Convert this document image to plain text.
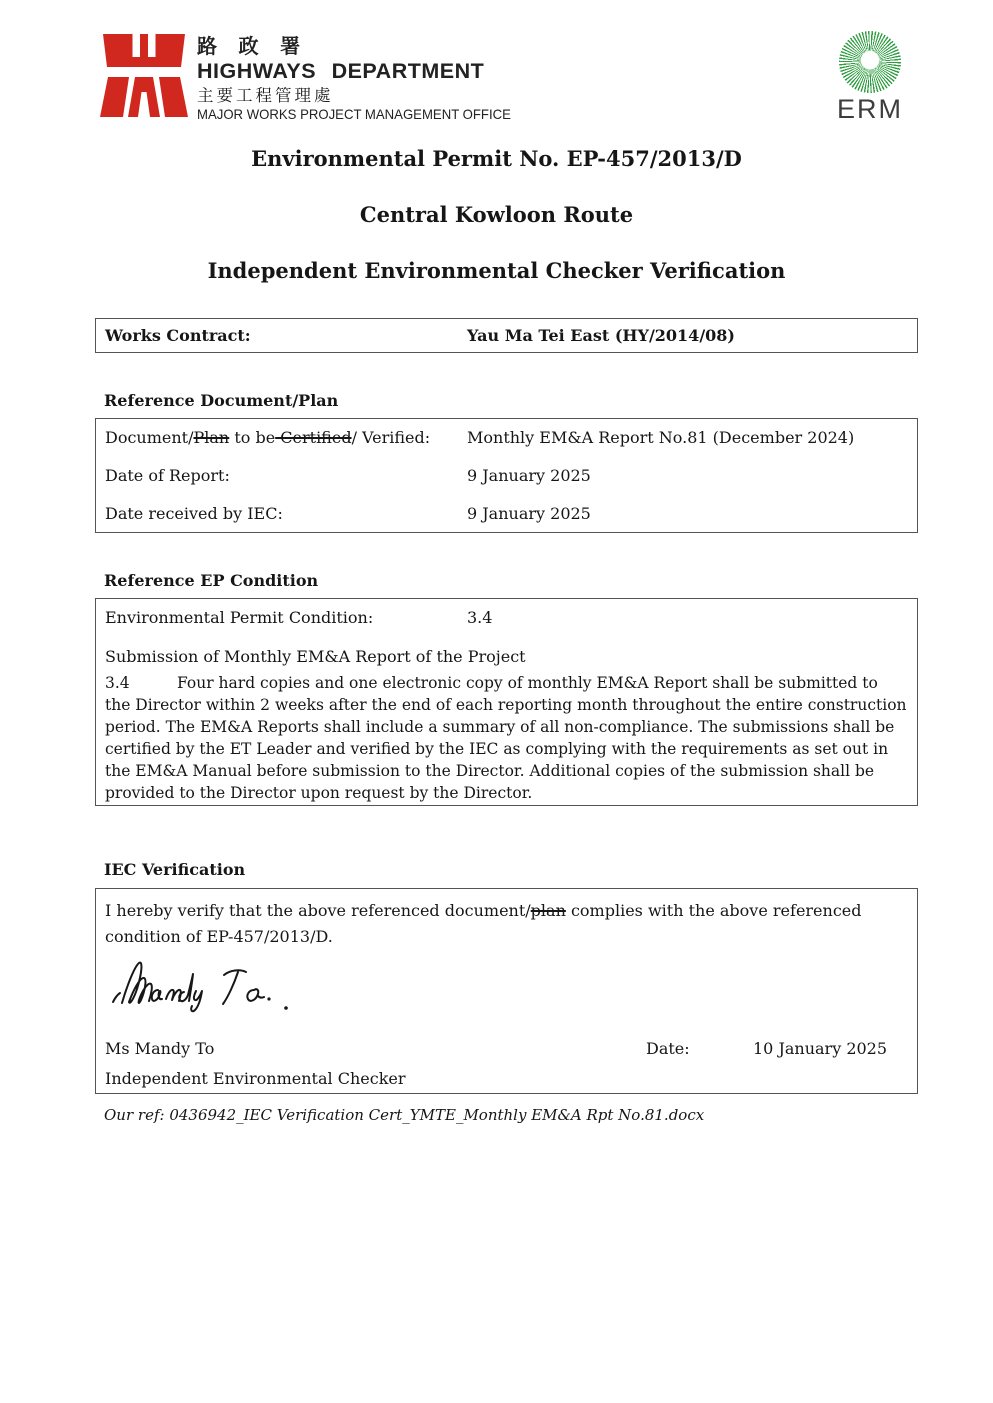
路 政 署
HIGHWAYS DEPARTMENT
主要工程管理處
MAJOR WORKS PROJECT MANAGEMENT OFFICE	ERM
Environmental Permit No. EP-457/2013/D
Central Kowloon Route
Independent Environmental Checker Verification
Works Contract:	Yau Ma Tei East (HY/2014/08)
Reference Document/Plan
Document/Plan to be Certified/ Verified:	Monthly EM&A Report No.81 (December 2024)
Date of Report:	9 January 2025
Date received by IEC:	9 January 2025
Reference EP Condition
Environmental Permit Condition:	3.4
Submission of Monthly EM&A Report of the Project
3.4	Four hard copies and one electronic copy of monthly EM&A Report shall be submitted to the Director within 2 weeks after the end of each reporting month throughout the entire construction period. The EM&A Reports shall include a summary of all non-compliance. The submissions shall be certified by the ET Leader and verified by the IEC as complying with the requirements as set out in the EM&A Manual before submission to the Director. Additional copies of the submission shall be provided to the Director upon request by the Director.
IEC Verification
I hereby verify that the above referenced document/plan complies with the above referenced condition of EP-457/2013/D.
Ms Mandy To	Date:	10 January 2025
Independent Environmental Checker
Our ref: 0436942_IEC Verification Cert_YMTE_Monthly EM&A Rpt No.81.docx
